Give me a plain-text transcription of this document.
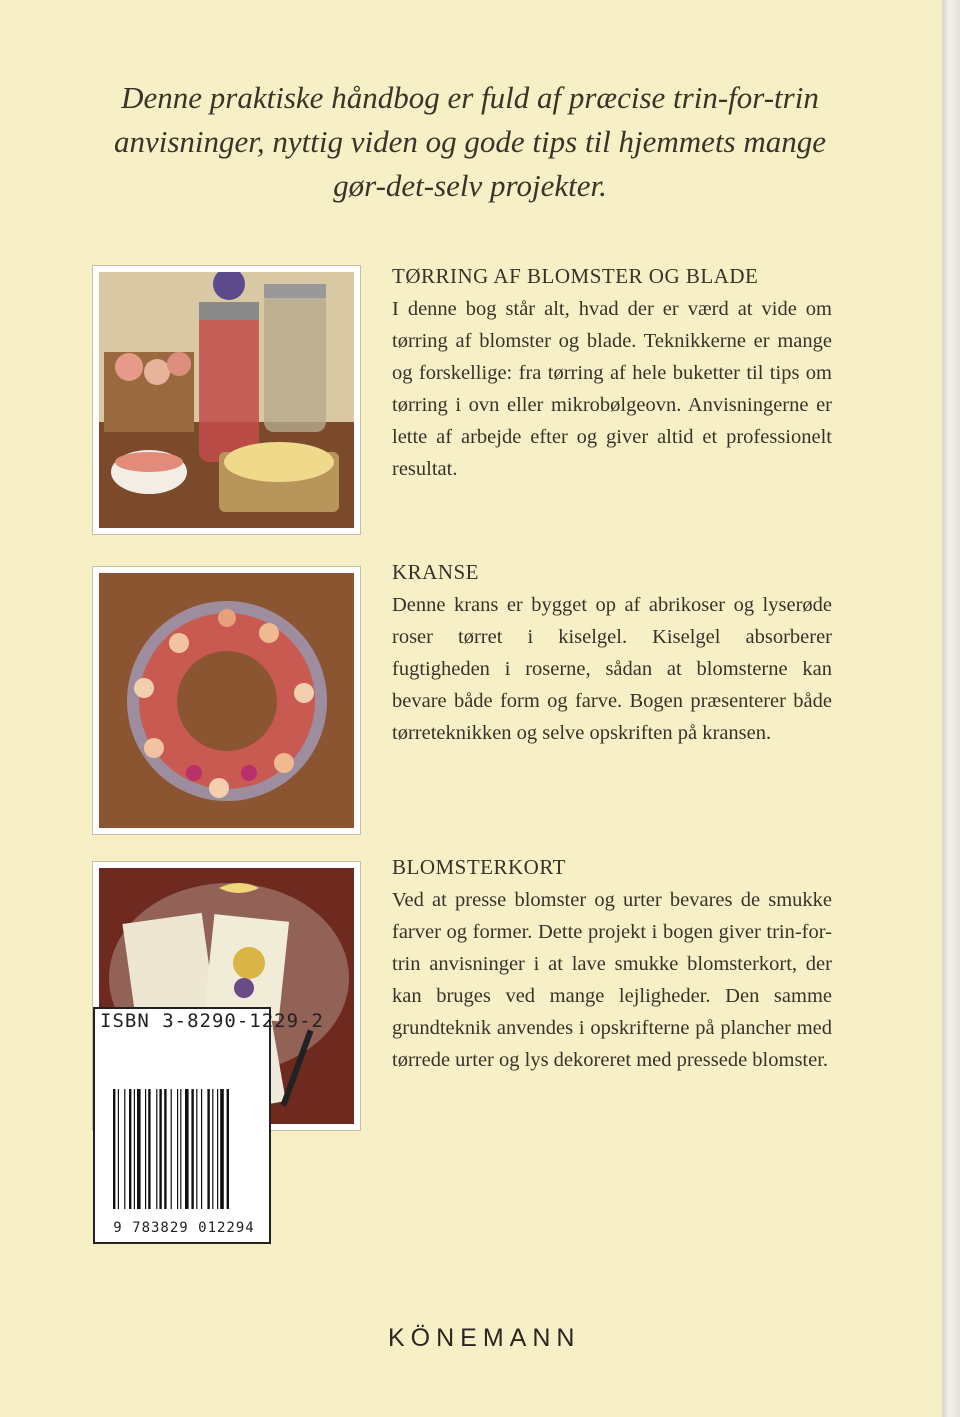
Denne praktiske håndbog er fuld af præcise trin-for-trin anvisninger, nyttig viden og gode tips til hjemmets mange gør-det-selv projekter.
TØRRING AF BLOMSTER OG BLADE
I denne bog står alt, hvad der er værd at vide om tørring af blomster og blade. Teknikkerne er mange og forskellige: fra tørring af hele buketter til tips om tørring i ovn eller mikrobølgeovn. Anvisningerne er lette af arbejde efter og giver altid et professionelt resultat.
KRANSE
Denne krans er bygget op af abrikoser og lyserøde roser tørret i kiselgel. Kiselgel absorberer fugtigheden i roserne, sådan at blomsterne kan bevare både form og farve. Bogen præsenterer både tørreteknikken og selve opskriften på kransen.
BLOMSTERKORT
Ved at presse blomster og urter bevares de smukke farver og former. Dette projekt i bogen giver trin-for-trin anvisninger i at lave smukke blomsterkort, der kan bruges ved mange lejligheder. Den samme grundteknik anvendes i opskrifterne på plancher med tørrede urter og lys dekoreret med pressede blomster.
9 783829 012294
ISBN 3-8290-1229-2
KÖNEMANN
